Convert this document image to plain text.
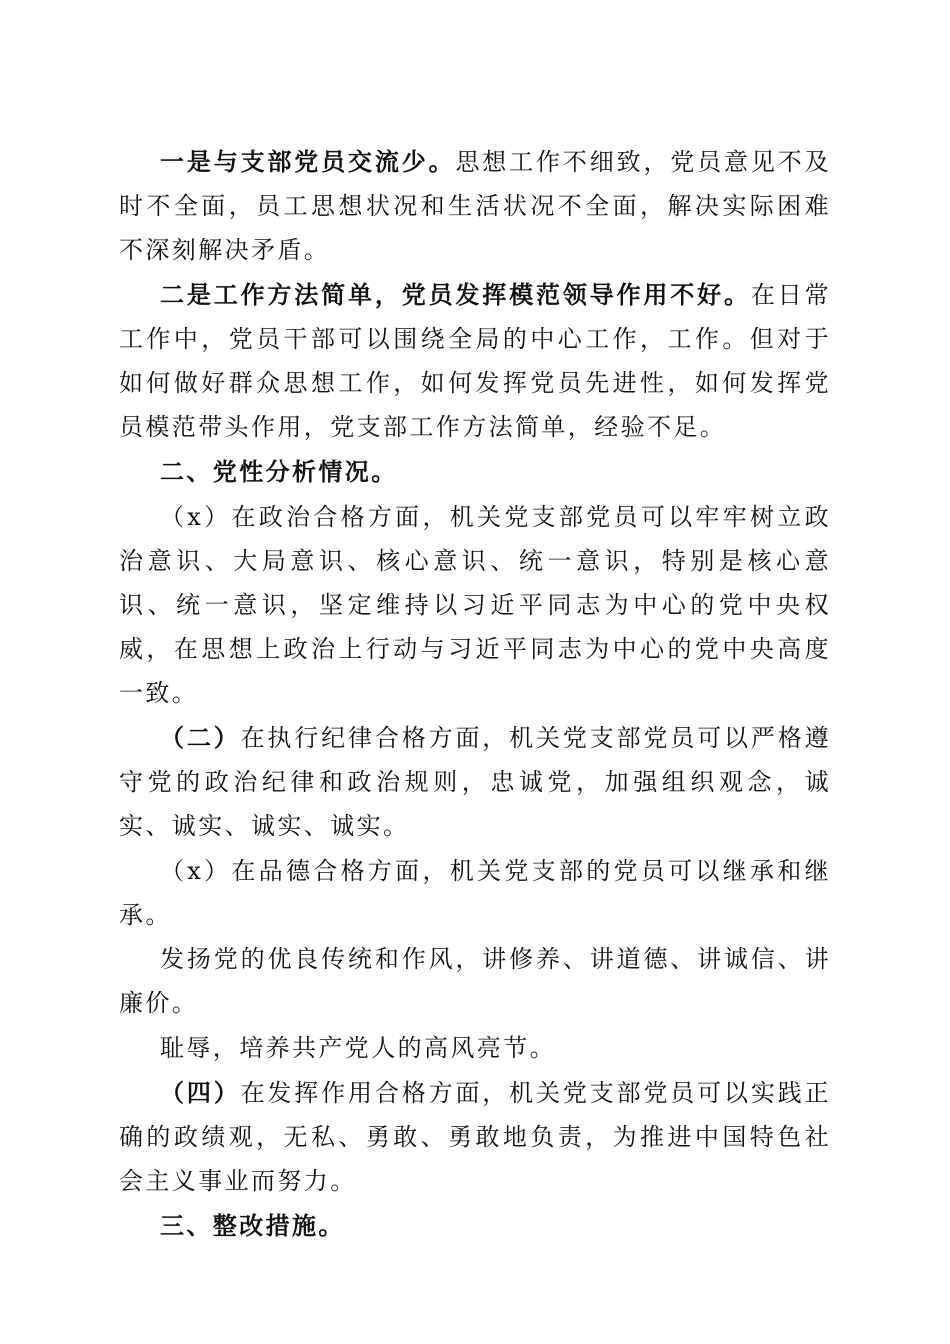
一是与支部党员交流少。思想工作不细致，党员意见不及时不全面，员工思想状况和生活状况不全面，解决实际困难不深刻解决矛盾。

二是工作方法简单，党员发挥模范领导作用不好。在日常工作中，党员干部可以围绕全局的中心工作，工作。但对于如何做好群众思想工作，如何发挥党员先进性，如何发挥党员模范带头作用，党支部工作方法简单，经验不足。

二、党性分析情况。

（x）在政治合格方面，机关党支部党员可以牢牢树立政治意识、大局意识、核心意识、统一意识，特别是核心意识、统一意识，坚定维持以习近平同志为中心的党中央权威，在思想上政治上行动与习近平同志为中心的党中央高度一致。

（二）在执行纪律合格方面，机关党支部党员可以严格遵守党的政治纪律和政治规则，忠诚党，加强组织观念，诚实、诚实、诚实、诚实。

（x）在品德合格方面，机关党支部的党员可以继承和继承。

发扬党的优良传统和作风，讲修养、讲道德、讲诚信、讲廉价。

耻辱，培养共产党人的高风亮节。

（四）在发挥作用合格方面，机关党支部党员可以实践正确的政绩观，无私、勇敢、勇敢地负责，为推进中国特色社会主义事业而努力。

三、整改措施。
